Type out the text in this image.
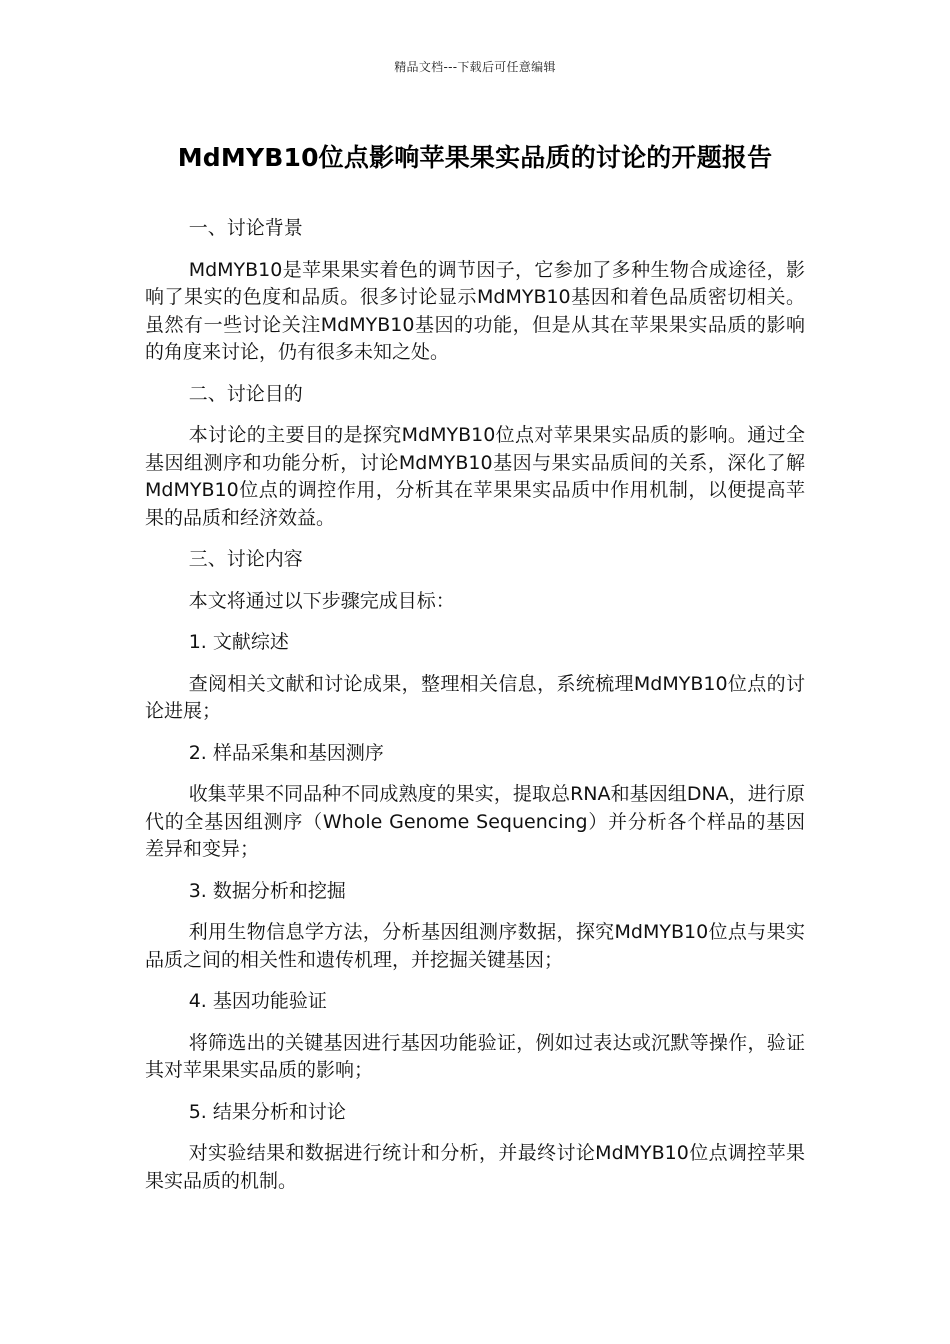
精品文档---下载后可任意编辑
MdMYB10位点影响苹果果实品质的讨论的开题报告

一、讨论背景

MdMYB10是苹果果实着色的调节因子，它参加了多种生物合成途径，影响了果实的色度和品质。很多讨论显示MdMYB10基因和着色品质密切相关。虽然有一些讨论关注MdMYB10基因的功能，但是从其在苹果果实品质的影响的角度来讨论，仍有很多未知之处。

二、讨论目的

本讨论的主要目的是探究MdMYB10位点对苹果果实品质的影响。通过全基因组测序和功能分析，讨论MdMYB10基因与果实品质间的关系，深化了解MdMYB10位点的调控作用，分析其在苹果果实品质中作用机制，以便提高苹果的品质和经济效益。

三、讨论内容

本文将通过以下步骤完成目标：

1. 文献综述

查阅相关文献和讨论成果，整理相关信息，系统梳理MdMYB10位点的讨论进展；

2. 样品采集和基因测序

收集苹果不同品种不同成熟度的果实，提取总RNA和基因组DNA，进行原代的全基因组测序（Whole Genome Sequencing）并分析各个样品的基因差异和变异；

3. 数据分析和挖掘

利用生物信息学方法，分析基因组测序数据，探究MdMYB10位点与果实品质之间的相关性和遗传机理，并挖掘关键基因；

4. 基因功能验证

将筛选出的关键基因进行基因功能验证，例如过表达或沉默等操作，验证其对苹果果实品质的影响；

5. 结果分析和讨论

对实验结果和数据进行统计和分析，并最终讨论MdMYB10位点调控苹果果实品质的机制。
